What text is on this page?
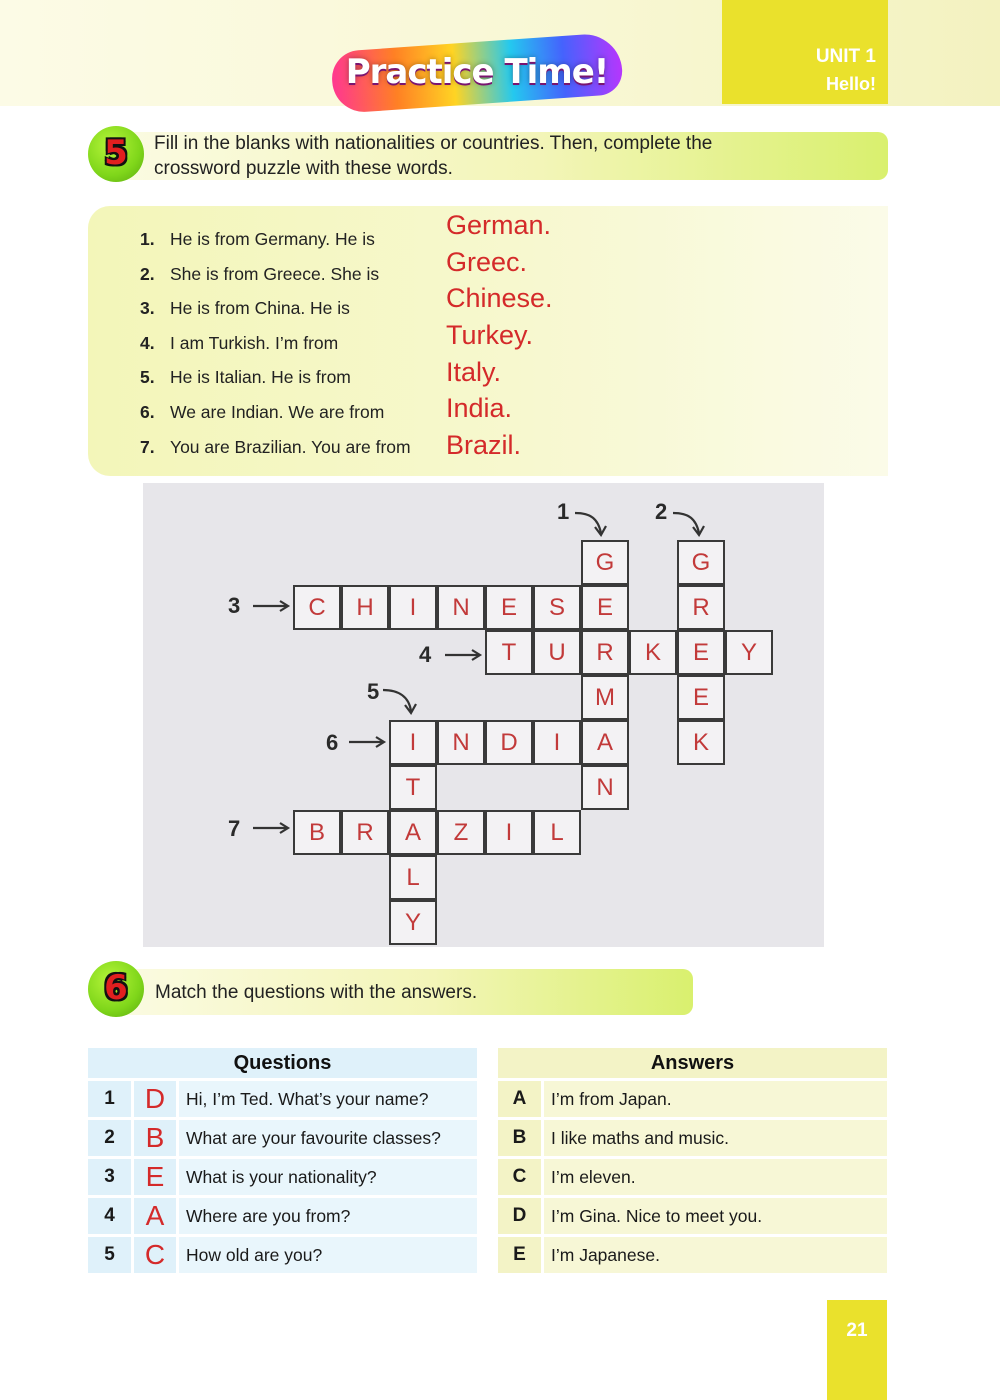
Practice Time!	UNIT 1
Hello!
5	Fill in the blanks with nationalities or countries. Then, complete the
crossword puzzle with these words.
1. He is from Germany. He is	German.
2. She is from Greece. She is Greec.
3. He is from China. He is	Chinese.
4. I am Turkish. I’m from	Turkey.
5. He is Italian. He is from	Italy.
6. We are Indian. We are from India.
7. You are Brazilian. You are from Brazil.
1	2
3
4
5
6
7
C	H	I	N	E	S	E
G
R
M
A
N
G
R
E
K
T	U	K	E	Y
I	N	D	I
T
L
Y
B	R	A	Z	I	L
6	Match the questions with the answers.
Questions
1	D	Hi, I’m Ted. What’s your name?
2	B	What are your favourite classes?
3	E	What is your nationality?
4	A	Where are you from?
5	C	How old are you?
Answers
A	I’m from Japan.
B	I like maths and music.
C	I’m eleven.
D	I’m Gina. Nice to meet you.
E	I’m Japanese.
21
